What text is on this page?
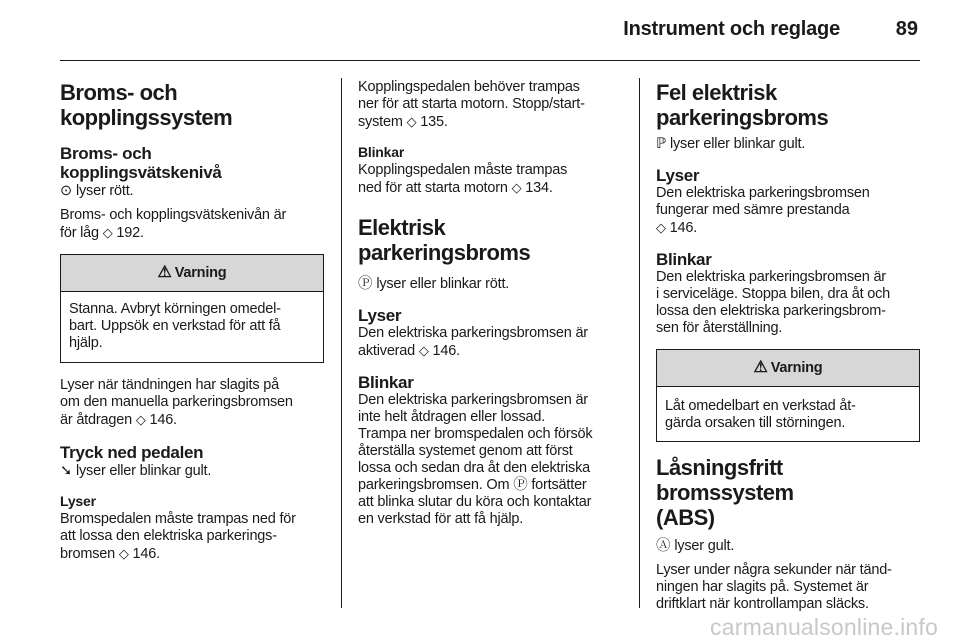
Instrument och reglage	89
Broms- och
kopplingssystem
Broms- och
kopplingsvätskenivå
⊙ lyser rött.
Broms- och kopplingsvätskenivån är
för låg ◇ 192.
⚠ Varning
Stanna. Avbryt körningen omedel-
bart. Uppsök en verkstad för att få
hjälp.
Lyser när tändningen har slagits på
om den manuella parkeringsbromsen
är åtdragen ◇ 146.
Tryck ned pedalen
➘ lyser eller blinkar gult.
Lyser
Bromspedalen måste trampas ned för
att lossa den elektriska parkerings-
bromsen ◇ 146.
Kopplingspedalen behöver trampas
ner för att starta motorn. Stopp/start-
system ◇ 135.
Blinkar
Kopplingspedalen måste trampas
ned för att starta motorn ◇ 134.
Elektrisk parkeringsbroms
Ⓟ lyser eller blinkar rött.
Lyser
Den elektriska parkeringsbromsen är
aktiverad ◇ 146.
Blinkar
Den elektriska parkeringsbromsen är
inte helt åtdragen eller lossad.
Trampa ner bromspedalen och försök
återställa systemet genom att först
lossa och sedan dra åt den elektriska
parkeringsbromsen. Om Ⓟ fortsätter
att blinka slutar du köra och kontaktar
en verkstad för att få hjälp.
Fel elektrisk
parkeringsbroms
ℙ lyser eller blinkar gult.
Lyser
Den elektriska parkeringsbromsen
fungerar med sämre prestanda
◇ 146.
Blinkar
Den elektriska parkeringsbromsen är
i serviceläge. Stoppa bilen, dra åt och
lossa den elektriska parkeringsbrom-
sen för återställning.
⚠ Varning
Låt omedelbart en verkstad åt-
gärda orsaken till störningen.
Låsningsfritt bromssystem
(ABS)
Ⓐ lyser gult.
Lyser under några sekunder när tänd-
ningen har slagits på. Systemet är
driftklart när kontrollampan släcks.
carmanualsonline.info
